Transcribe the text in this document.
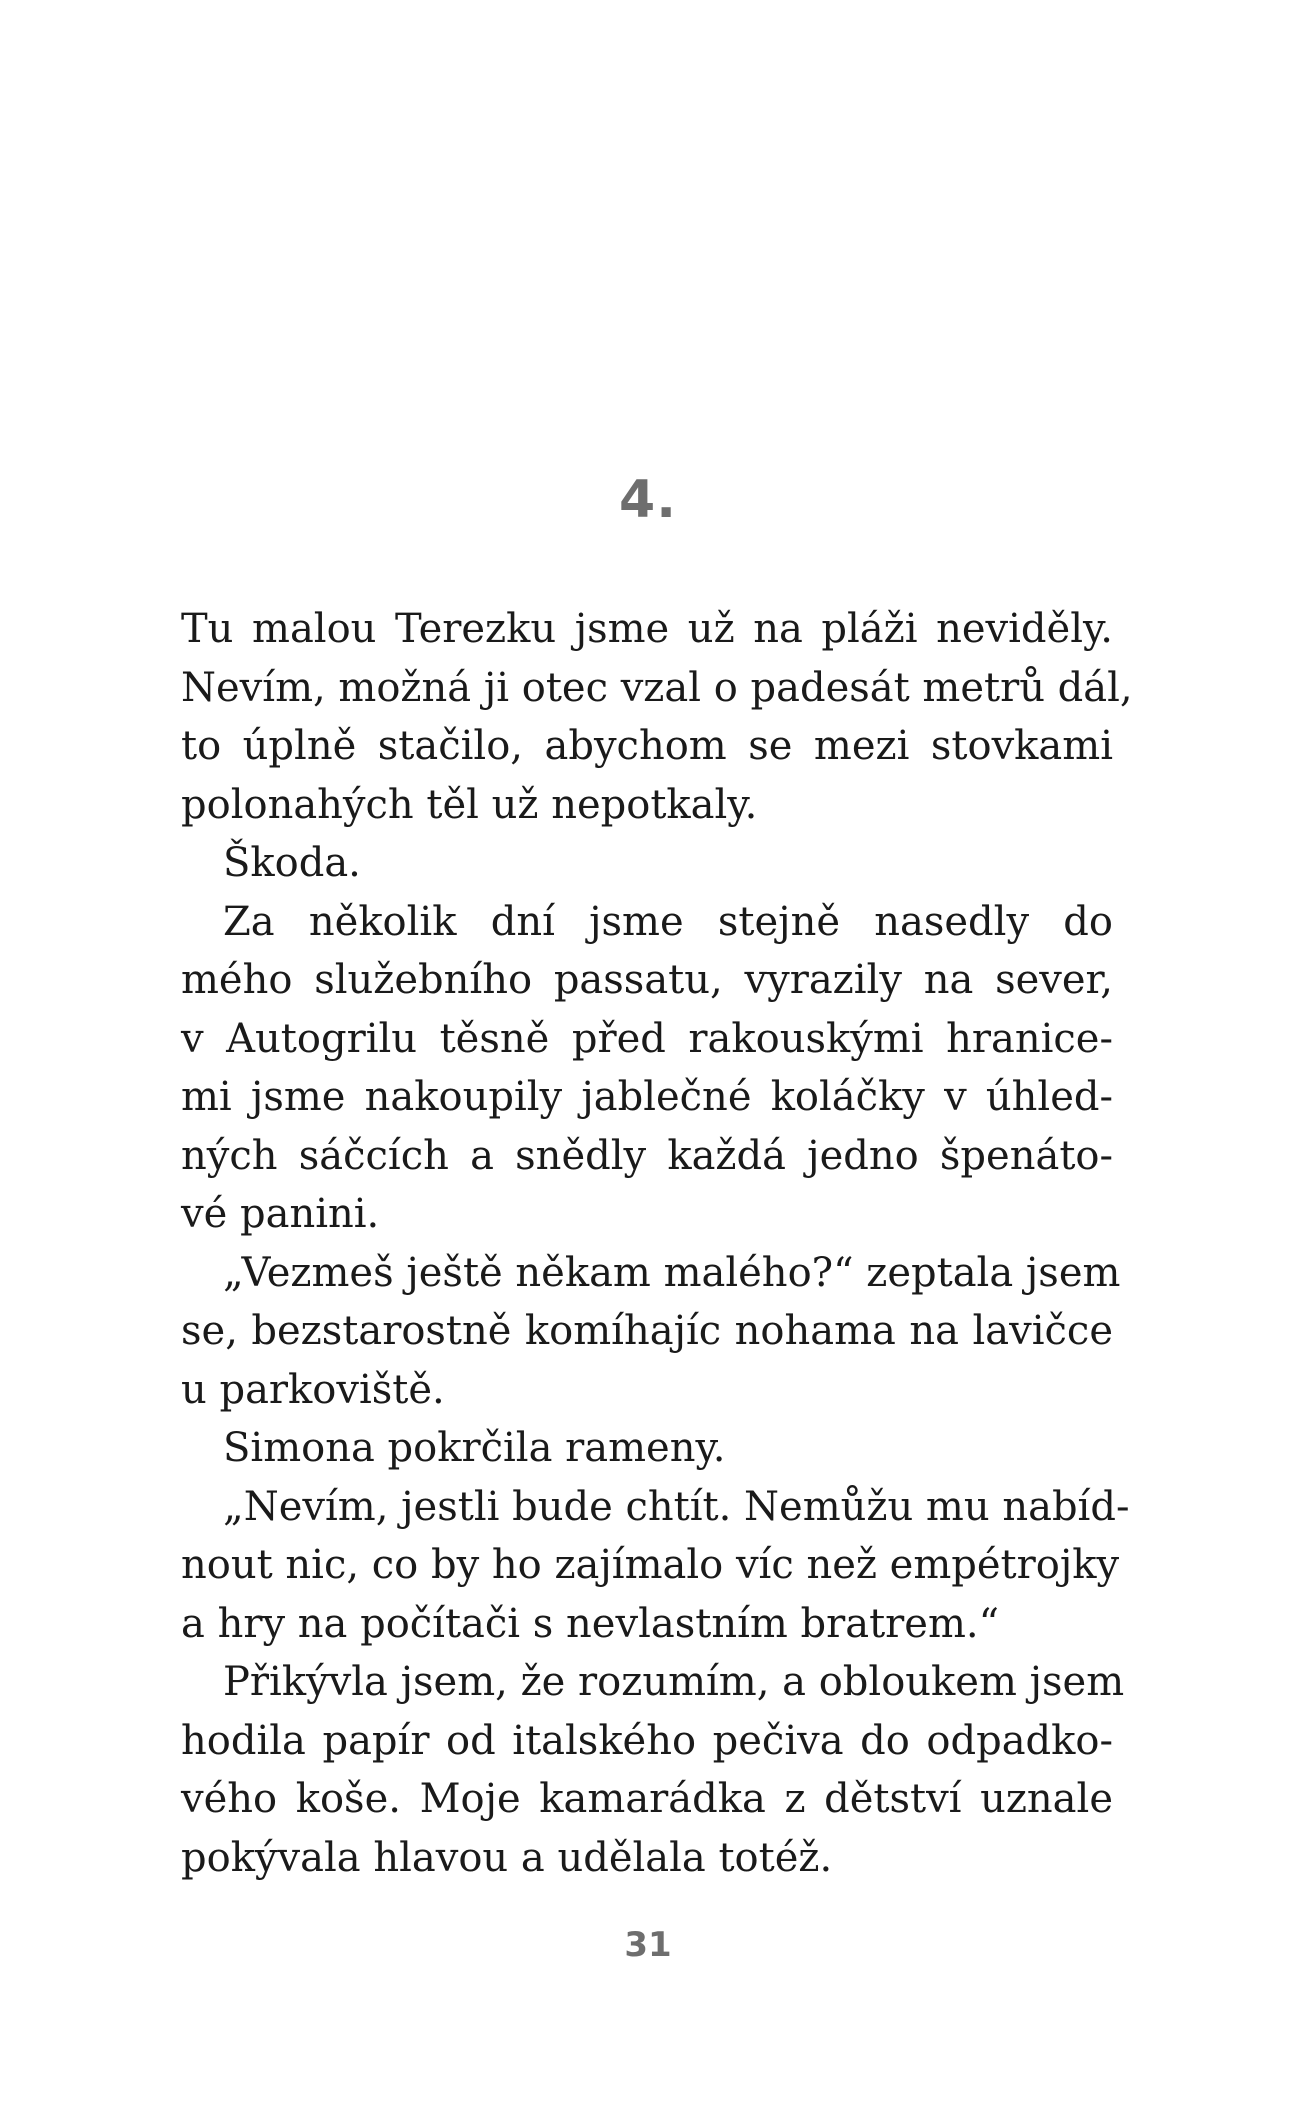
4.
Tu malou Terezku jsme už na pláži neviděly.
Nevím, možná ji otec vzal o padesát metrů dál,
to úplně stačilo, abychom se mezi stovkami
polonahých těl už nepotkaly.
Škoda.
Za několik dní jsme stejně nasedly do
mého služebního passatu, vyrazily na sever,
v Autogrilu těsně před rakouskými hranice-
mi jsme nakoupily jablečné koláčky v úhled-
ných sáčcích a snědly každá jedno špenáto-
vé panini.
„Vezmeš ještě někam malého?“ zeptala jsem
se, bezstarostně komíhajíc nohama na lavičce
u parkoviště.
Simona pokrčila rameny.
„Nevím, jestli bude chtít. Nemůžu mu nabíd-
nout nic, co by ho zajímalo víc než empétrojky
a hry na počítači s nevlastním bratrem.“
Přikývla jsem, že rozumím, a obloukem jsem
hodila papír od italského pečiva do odpadko-
vého koše. Moje kamarádka z dětství uznale
pokývala hlavou a udělala totéž.
31
